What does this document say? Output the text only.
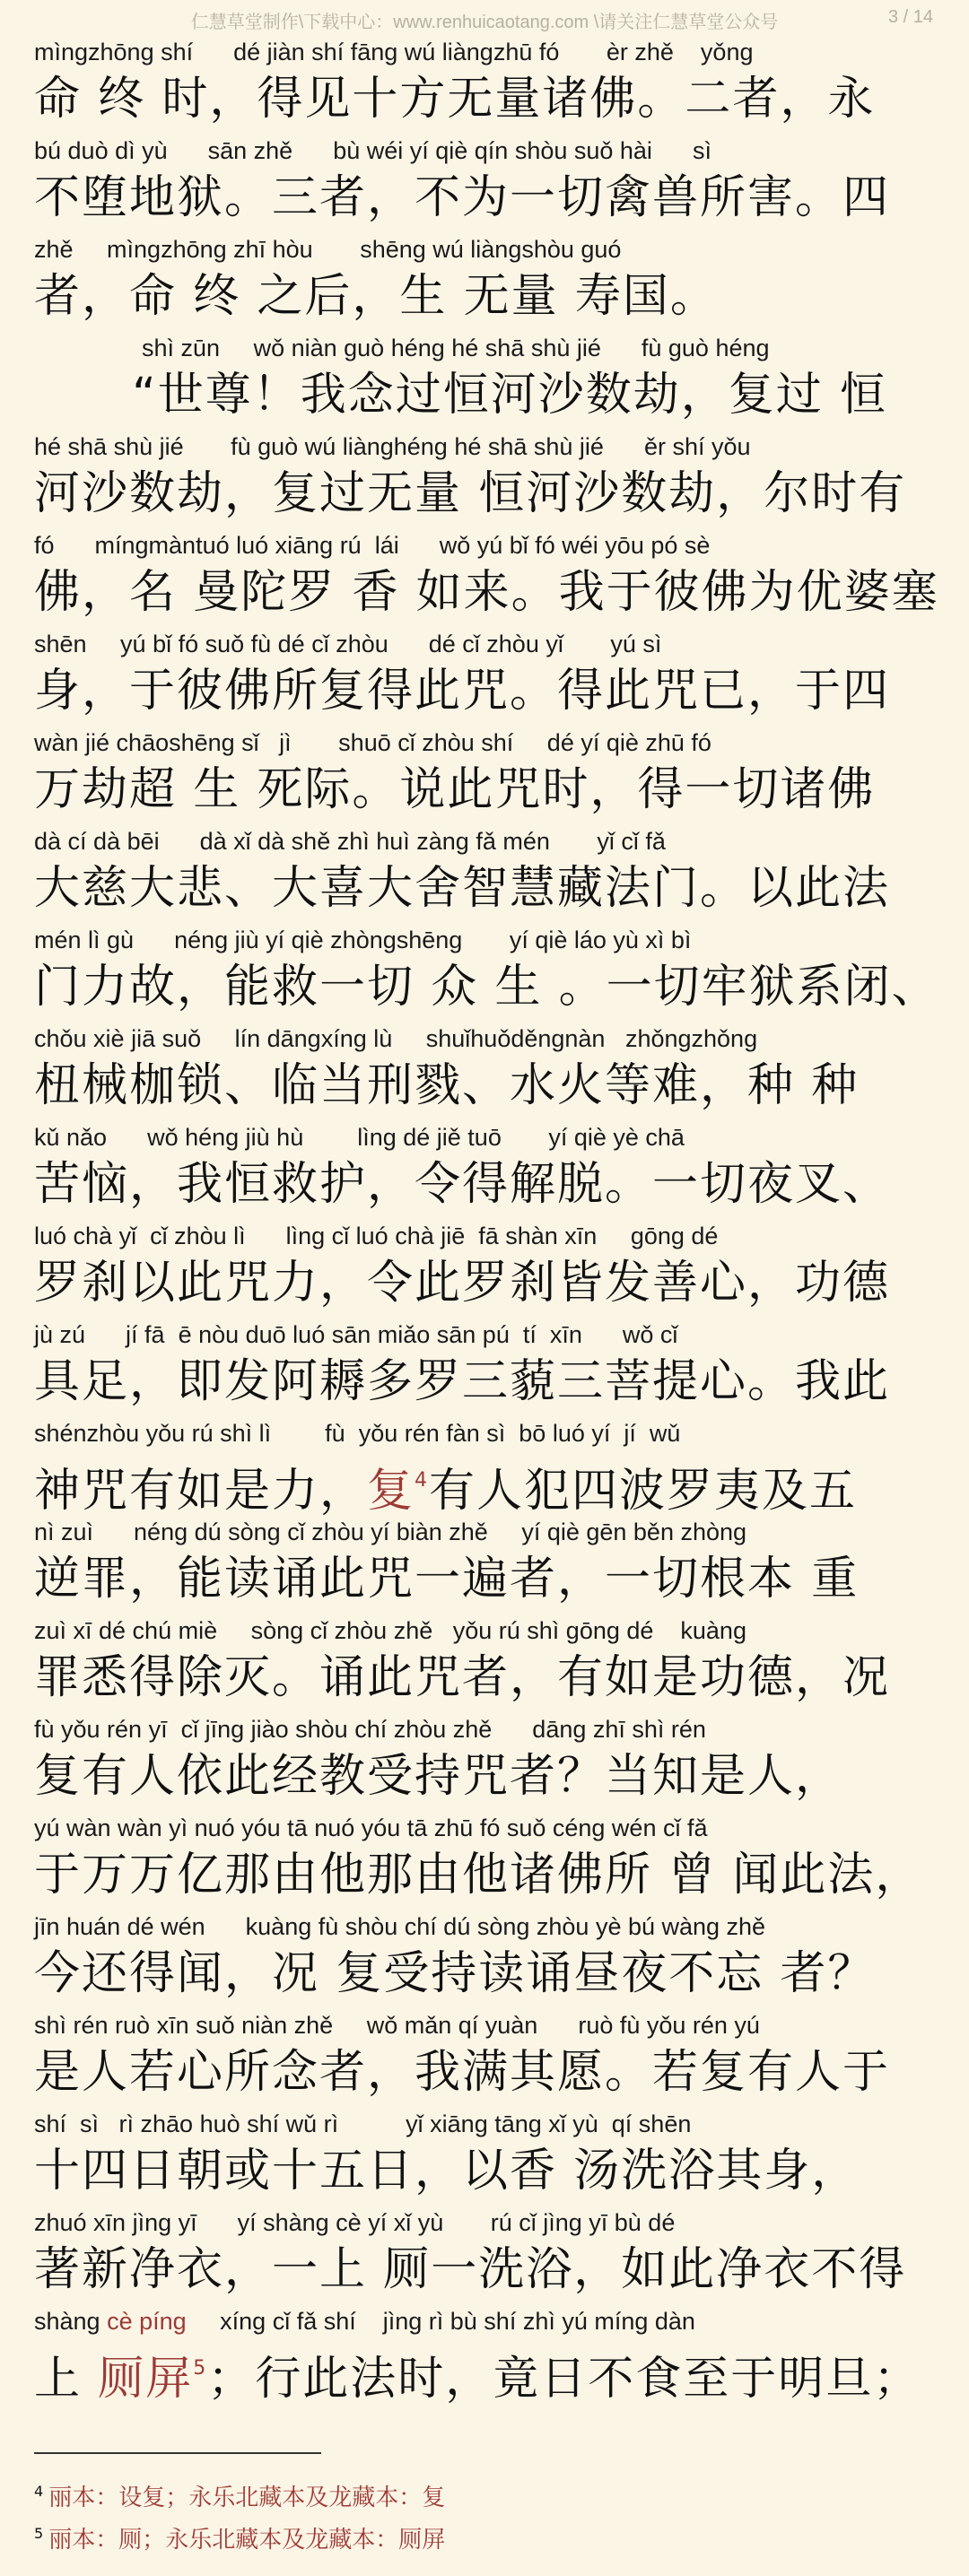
仁慧草堂制作\下载中心：www.renhuicaotang.com \请关注仁慧草堂公众号	3 / 14
mìngzhōng shí      dé jiàn shí fāng wú liàngzhū fó       èr zhě    yǒng
命 终 时，得见十方无量诸佛。二者，永
bú duò dì yù      sān zhě      bù wéi yí qiè qín shòu suǒ hài      sì
不堕地狱。三者，不为一切禽兽所害。四
zhě     mìngzhōng zhī hòu       shēng wú liàngshòu guó
者，命 终 之后，生 无量 寿国。
shì zūn     wǒ niàn guò héng hé shā shù jié      fù guò héng
“世尊！我念过恒河沙数劫，复过 恒
hé shā shù jié       fù guò wú liànghéng hé shā shù jié      ěr shí yǒu
河沙数劫，复过无量 恒河沙数劫，尔时有
fó      míngmàntuó luó xiāng rú  lái      wǒ yú bǐ fó wéi yōu pó sè
佛，名 曼陀罗 香 如来。我于彼佛为优婆塞
shēn     yú bǐ fó suǒ fù dé cǐ zhòu      dé cǐ zhòu yǐ       yú sì
身，于彼佛所复得此咒。得此咒已，于四
wàn jié chāoshēng sǐ   jì       shuō cǐ zhòu shí     dé yí qiè zhū fó
万劫超 生 死际。说此咒时，得一切诸佛
dà cí dà bēi      dà xǐ dà shě zhì huì zàng fǎ mén       yǐ cǐ fǎ
大慈大悲、大喜大舍智慧藏法门。以此法
mén lì gù      néng jiù yí qiè zhòngshēng       yí qiè láo yù xì bì
门力故，能救一切 众 生 。一切牢狱系闭、
chǒu xiè jiā suǒ     lín dāngxíng lù     shuǐhuǒděngnàn   zhǒngzhǒng
杻械枷锁、临当刑戮、水火等难，种 种
kǔ nǎo      wǒ héng jiù hù        lìng dé jiě tuō       yí qiè yè chā
苦恼，我恒救护，令得解脱。一切夜叉、
luó chà yǐ  cǐ zhòu lì      lìng cǐ luó chà jiē  fā shàn xīn     gōng dé
罗刹以此咒力，令此罗刹皆发善心，功德
jù zú      jí fā  ē nòu duō luó sān miǎo sān pú  tí  xīn      wǒ cǐ
具足，即发阿耨多罗三藐三菩提心。我此
shénzhòu yǒu rú shì lì        fù  yǒu rén fàn sì  bō luó yí  jí  wǔ
神咒有如是力，复$^4$有人犯四波罗夷及五
nì zuì      néng dú sòng cǐ zhòu yí biàn zhě     yí qiè gēn běn zhòng
逆罪，能读诵此咒一遍者，一切根本 重
zuì xī dé chú miè     sòng cǐ zhòu zhě   yǒu rú shì gōng dé    kuàng
罪悉得除灭。诵此咒者，有如是功德，况
fù yǒu rén yī  cǐ jīng jiào shòu chí zhòu zhě      dāng zhī shì rén
复有人依此经教受持咒者？当知是人，
yú wàn wàn yì nuó yóu tā nuó yóu tā zhū fó suǒ céng wén cǐ fǎ
于万万亿那由他那由他诸佛所 曾 闻此法，
jīn huán dé wén      kuàng fù shòu chí dú sòng zhòu yè bú wàng zhě
今还得闻，况 复受持读诵昼夜不忘 者？
shì rén ruò xīn suǒ niàn zhě     wǒ mǎn qí yuàn      ruò fù yǒu rén yú
是人若心所念者，我满其愿。若复有人于
shí  sì   rì zhāo huò shí wǔ rì          yǐ xiāng tāng xǐ yù  qí shēn
十四日朝或十五日，以香 汤洗浴其身，
zhuó xīn jìng yī      yí shàng cè yí xǐ yù       rú cǐ jìng yī bù dé
著新净衣，一上 厕一洗浴，如此净衣不得
shàng cè píng     xíng cǐ fǎ shí    jìng rì bù shí zhì yú míng dàn
上 厕屏$^5$；行此法时，竟日不食至于明旦；
$^4$ 丽本：设复；永乐北藏本及龙藏本：复
$^5$ 丽本：厕；永乐北藏本及龙藏本：厕屏
